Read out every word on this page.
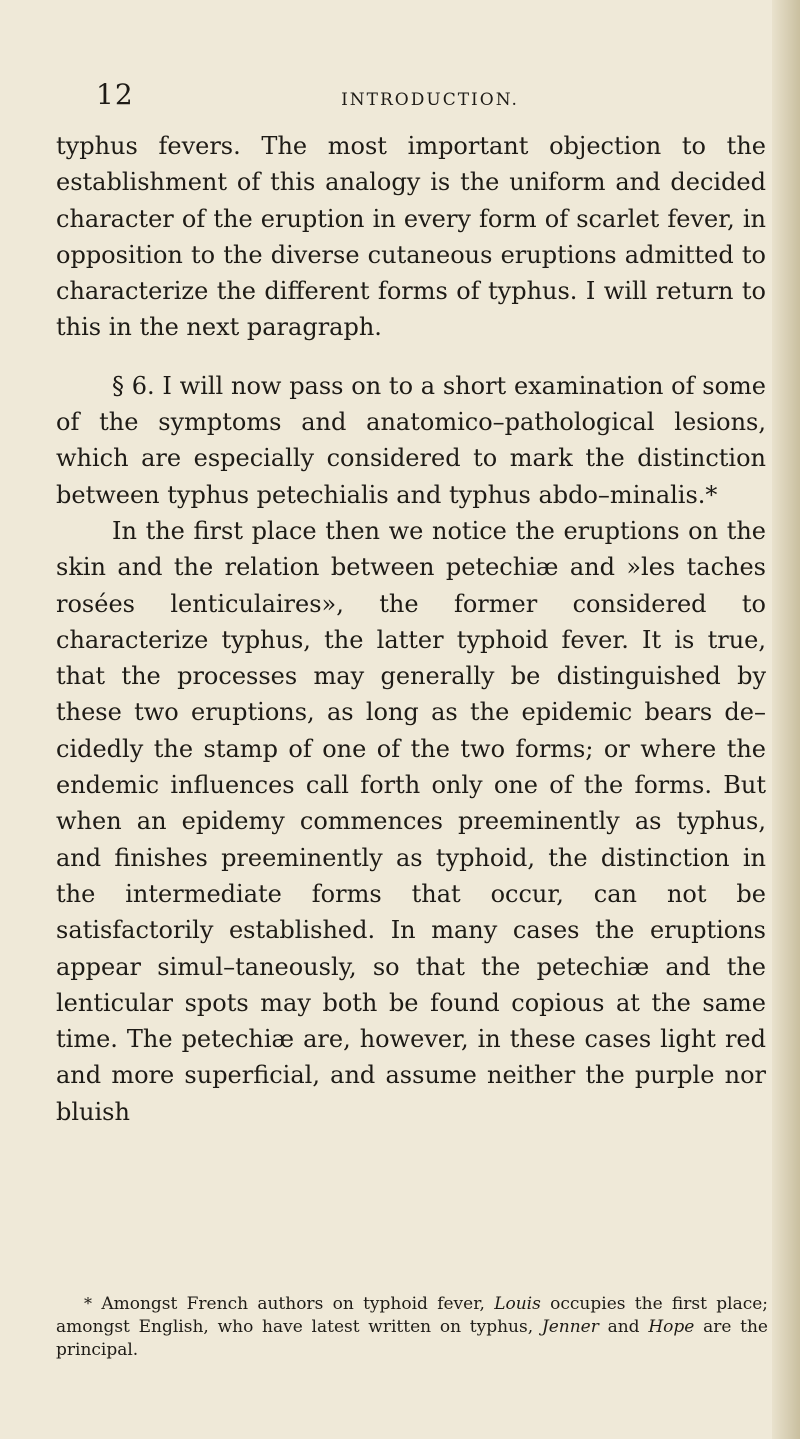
12	INTRODUCTION.

typhus fevers. The most important objection to the establishment of this analogy is the uniform and decided character of the eruption in every form of scarlet fever, in opposition to the diverse cutaneous eruptions admitted to characterize the different forms of typhus. I will return to this in the next paragraph.

§ 6. I will now pass on to a short examination of some of the symptoms and anatomico–pathological lesions, which are especially considered to mark the distinction between typhus petechialis and typhus abdo–minalis.*

In the first place then we notice the eruptions on the skin and the relation between petechiæ and »les taches rosées lenticulaires», the former considered to characterize typhus, the latter typhoid fever. It is true, that the processes may generally be distinguished by these two eruptions, as long as the epidemic bears de–cidedly the stamp of one of the two forms; or where the endemic influences call forth only one of the forms. But when an epidemy commences preeminently as typhus, and finishes preeminently as typhoid, the distinction in the intermediate forms that occur, can not be satisfactorily established. In many cases the eruptions appear simul–taneously, so that the petechiæ and the lenticular spots may both be found copious at the same time. The petechiæ are, however, in these cases light red and more superficial, and assume neither the purple nor bluish

* Amongst French authors on typhoid fever, Louis occupies the first place; amongst English, who have latest written on typhus, Jenner and Hope are the principal.
